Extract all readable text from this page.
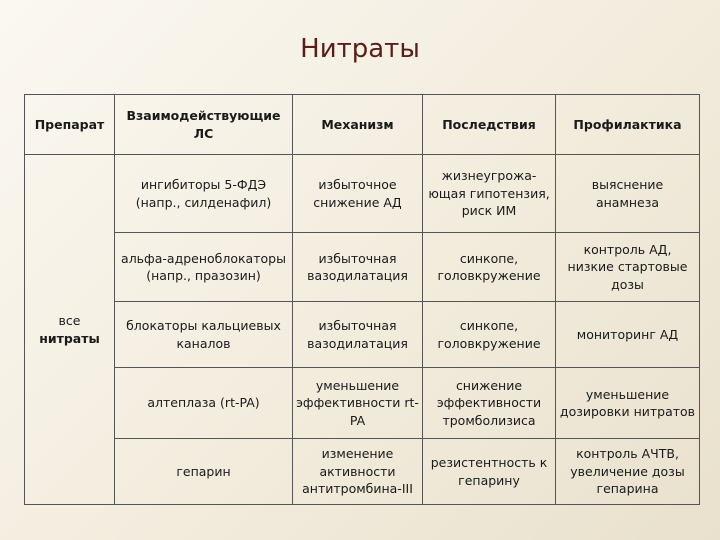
Нитраты
Препарат	Взаимодействующие ЛС	Механизм	Последствия	Профилактика

все
нитраты	ингибиторы 5-ФДЭ (напр., силденафил)	избыточное снижение АД	жизнеугрожа-ющая гипотензия, риск ИМ	выяснение анамнеза
	альфа-адреноблокаторы (напр., празозин)	избыточная вазодилатация	синкопе, головкружение	контроль АД, низкие стартовые дозы
	блокаторы кальциевых каналов	избыточная вазодилатация	синкопе, головкружение	мониторинг АД
	алтеплаза (rt-PA)	уменьшение эффективности rt-PA	снижение эффективности тромболизиса	уменьшение дозировки нитратов
	гепарин	изменение активности антитромбина-III	резистентность к гепарину	контроль АЧТВ, увеличение дозы гепарина
